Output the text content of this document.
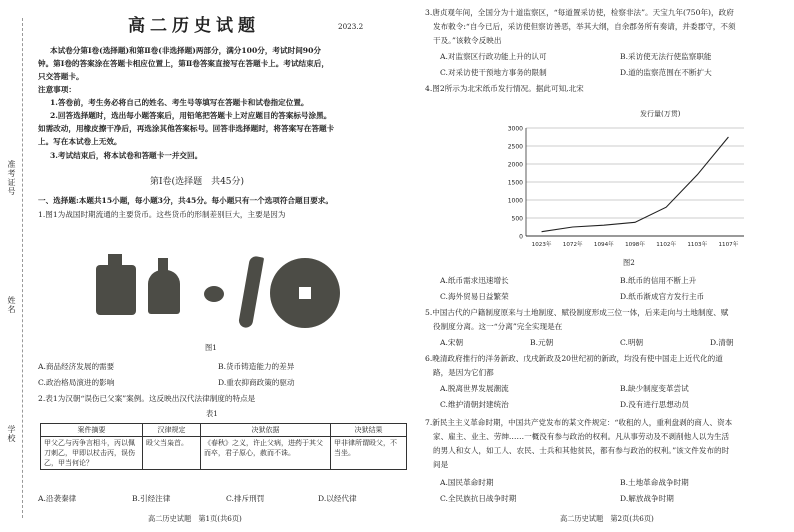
准考证号
姓名
学校
高二历史试题	2023.2
本试卷分第Ⅰ卷(选择题)和第Ⅱ卷(非选择题)两部分，满分100分，考试时间90分
钟。第Ⅰ卷的答案涂在答题卡相应位置上，第Ⅱ卷答案直接写在答题卡上。考试结束后，
只交答题卡。
注意事项：
1.答卷前，考生务必将自己的姓名、考生号等填写在答题卡和试卷指定位置。
2.回答选择题时，选出每小题答案后，用铅笔把答题卡上对应题目的答案标号涂黑。
如需改动，用橡皮擦干净后，再选涂其他答案标号。回答非选择题时，将答案写在答题卡
上。写在本试卷上无效。
3.考试结束后，将本试卷和答题卡一并交回。
第Ⅰ卷(选择题　共45分)
一、选择题:本题共15小题，每小题3分，共45分。每小题只有一个选项符合题目要求。
1.图1为战国时期流通的主要货币。这些货币的形制差别巨大，主要是因为
图1
A.商品经济发展的需要	B.货币铸造能力的差异
C.政治格局演进的影响	D.重农抑商政策的驱动
2.表1为汉朝“误伤已父案”案例。这反映出汉代法律制度的特点是
表1
案件摘要	汉律规定	决狱依据	决狱结果
甲父乙与丙争言相斗，丙以佩刀刺乙，甲即以杖击丙，误伤乙，甲当何论？	殴父当枭首。	《春秋》之义，许止父病，进药于其父而卒，君子原心，赦而不诛。	甲非律所谓殴父，不当坐。
A.沿袭秦律	B.引经注律	C.排斥刑罚	D.以经代律
高二历史试题　第1页(共6页)
3.唐贞观年间，全国分为十道监察区，“每道置采访使，检察非法”。天宝九年(750年)，政府
发布敕令:“自今已后，采访使但察访善恶，举其大纲，自余郡务所有奏请，并委郡守，不须
干及。”该敕令反映出
A.对监察区行政功能上升的认可	B.采访使无法行使监察职能
C.对采访使干预地方事务的限制	D.道的监察范围在不断扩大
4.图2所示为北宋纸币发行情况。据此可知,北宋
发行量(万贯)
0
500
1000
1500
2000
2500
3000
1023年 1072年 1094年 1098年 1102年 1103年 1107年
图2
A.纸币需求迅速增长	B.纸币的信用不断上升
C.海外贸易日益繁荣	D.纸币渐成官方发行主币
5.中国古代的户籍制度原来与土地制度、赋役制度形成三位一体，后来走向与土地制度、赋
役制度分离。这一“分离”完全实现是在
A.宋朝	B.元朝	C.明朝	D.清朝
6.晚清政府推行的洋务新政、戊戌新政及20世纪初的新政，均没有使中国走上近代化的道
路，是因为它们都
A.脱离世界发展潮流	B.缺少制度变革尝试
C.维护清朝封建统治	D.没有进行思想动员
7.新民主主义革命时期，中国共产党发布的某文件规定：“收租的人，重利盘剥的商人、资本
家、雇主、业主、劳绅……一概没有参与政治的权利。凡从事劳动及不剥削他人以为生活
的男人和女人，如工人、农民、士兵和其他贫民，都有参与政治的权利。”该文件发布的时
间是
A.国民革命时期	B.土地革命战争时期
C.全民族抗日战争时期	D.解放战争时期
高二历史试题　第2页(共6页)
